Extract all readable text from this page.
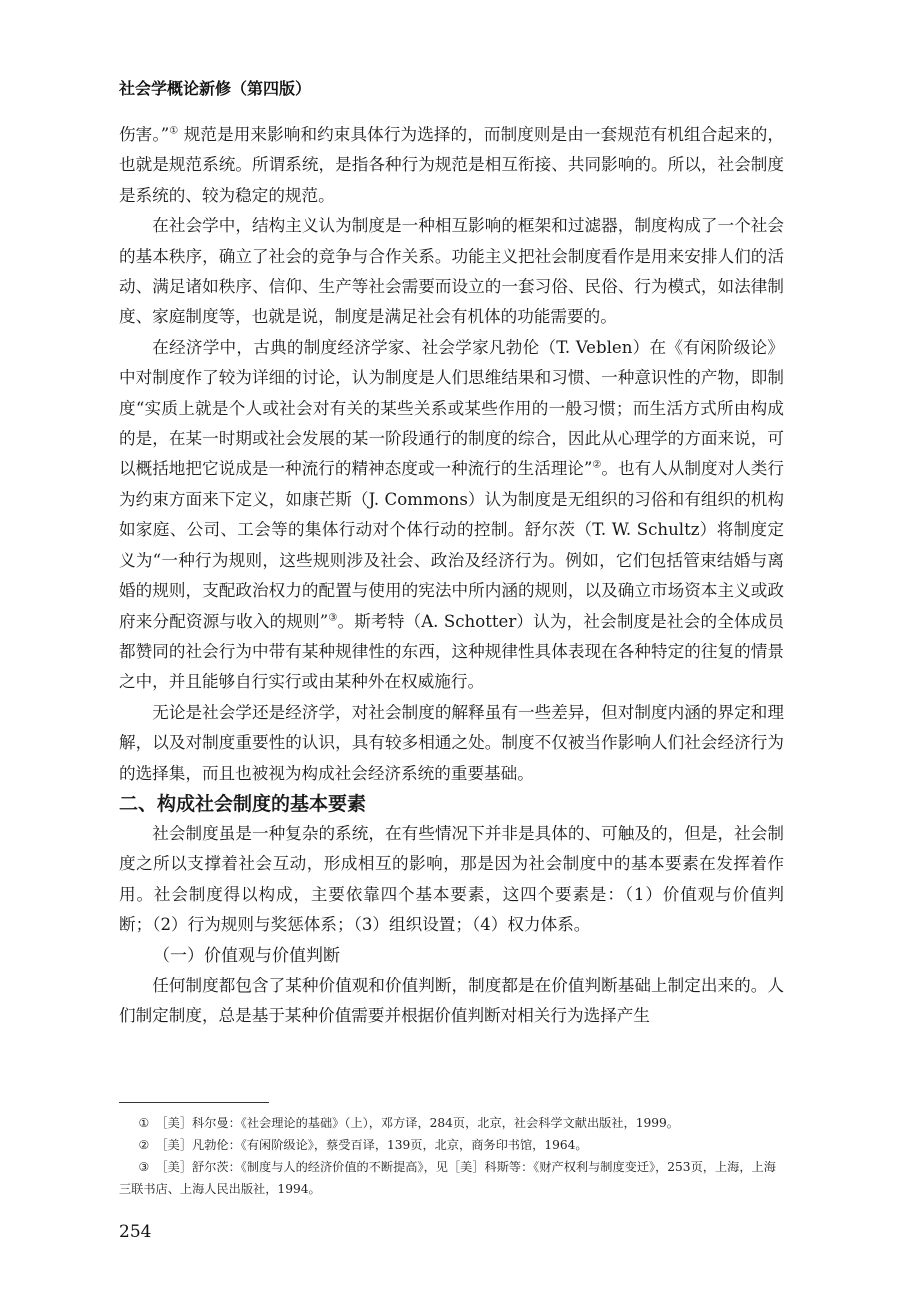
社会学概论新修（第四版）

伤害。”① 规范是用来影响和约束具体行为选择的，而制度则是由一套规范有机组合起来的，也就是规范系统。所谓系统，是指各种行为规范是相互衔接、共同影响的。所以，社会制度是系统的、较为稳定的规范。

在社会学中，结构主义认为制度是一种相互影响的框架和过滤器，制度构成了一个社会的基本秩序，确立了社会的竞争与合作关系。功能主义把社会制度看作是用来安排人们的活动、满足诸如秩序、信仰、生产等社会需要而设立的一套习俗、民俗、行为模式，如法律制度、家庭制度等，也就是说，制度是满足社会有机体的功能需要的。

在经济学中，古典的制度经济学家、社会学家凡勃伦（T. Veblen）在《有闲阶级论》中对制度作了较为详细的讨论，认为制度是人们思维结果和习惯、一种意识性的产物，即制度“实质上就是个人或社会对有关的某些关系或某些作用的一般习惯；而生活方式所由构成的是，在某一时期或社会发展的某一阶段通行的制度的综合，因此从心理学的方面来说，可以概括地把它说成是一种流行的精神态度或一种流行的生活理论”②。也有人从制度对人类行为约束方面来下定义，如康芒斯（J. Commons）认为制度是无组织的习俗和有组织的机构如家庭、公司、工会等的集体行动对个体行动的控制。舒尔茨（T. W. Schultz）将制度定义为“一种行为规则，这些规则涉及社会、政治及经济行为。例如，它们包括管束结婚与离婚的规则，支配政治权力的配置与使用的宪法中所内涵的规则，以及确立市场资本主义或政府来分配资源与收入的规则”③。斯考特（A. Schotter）认为，社会制度是社会的全体成员都赞同的社会行为中带有某种规律性的东西，这种规律性具体表现在各种特定的往复的情景之中，并且能够自行实行或由某种外在权威施行。

无论是社会学还是经济学，对社会制度的解释虽有一些差异，但对制度内涵的界定和理解，以及对制度重要性的认识，具有较多相通之处。制度不仅被当作影响人们社会经济行为的选择集，而且也被视为构成社会经济系统的重要基础。

二、构成社会制度的基本要素

社会制度虽是一种复杂的系统，在有些情况下并非是具体的、可触及的，但是，社会制度之所以支撑着社会互动，形成相互的影响，那是因为社会制度中的基本要素在发挥着作用。社会制度得以构成，主要依靠四个基本要素，这四个要素是：（1）价值观与价值判断；（2）行为规则与奖惩体系；（3）组织设置；（4）权力体系。

（一）价值观与价值判断

任何制度都包含了某种价值观和价值判断，制度都是在价值判断基础上制定出来的。人们制定制度，总是基于某种价值需要并根据价值判断对相关行为选择产生

① ［美］科尔曼：《社会理论的基础》（上），邓方译，284页，北京，社会科学文献出版社，1999。

② ［美］凡勃伦：《有闲阶级论》，蔡受百译，139页，北京，商务印书馆，1964。

③ ［美］舒尔茨：《制度与人的经济价值的不断提高》，见［美］科斯等：《财产权利与制度变迁》，253页，上海，上海三联书店、上海人民出版社，1994。

254
